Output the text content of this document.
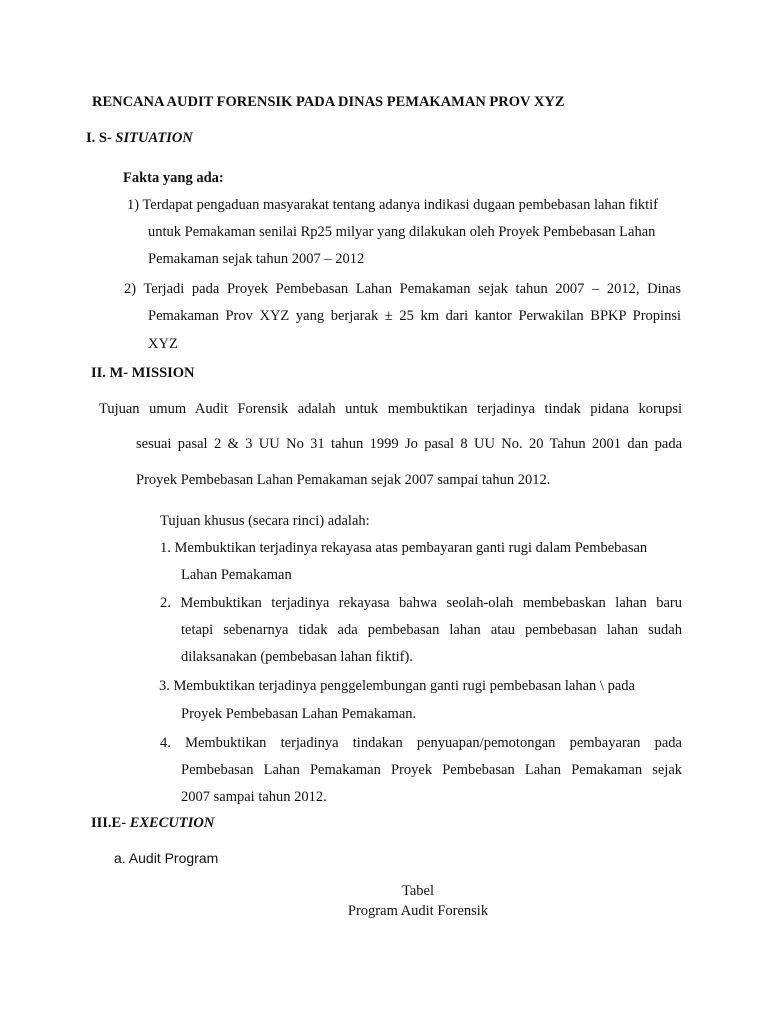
RENCANA AUDIT FORENSIK PADA DINAS PEMAKAMAN PROV XYZ
I. S- SITUATION
Fakta yang ada:
1) Terdapat pengaduan masyarakat tentang adanya indikasi dugaan pembebasan lahan fiktif
untuk Pemakaman senilai Rp25 milyar yang dilakukan oleh Proyek Pembebasan Lahan
Pemakaman sejak tahun 2007 – 2012
2) Terjadi pada Proyek Pembebasan Lahan Pemakaman sejak tahun 2007 – 2012, Dinas
Pemakaman Prov XYZ yang berjarak ± 25 km dari kantor Perwakilan BPKP Propinsi
XYZ
II. M- MISSION
Tujuan umum Audit Forensik adalah untuk membuktikan terjadinya tindak pidana korupsi
sesuai pasal 2 & 3 UU No 31 tahun 1999 Jo pasal 8 UU No. 20 Tahun 2001 dan pada
Proyek Pembebasan Lahan Pemakaman sejak 2007 sampai tahun 2012.
Tujuan khusus (secara rinci) adalah:
1. Membuktikan terjadinya rekayasa atas pembayaran ganti rugi dalam Pembebasan
Lahan Pemakaman
2. Membuktikan terjadinya rekayasa bahwa seolah-olah membebaskan lahan baru
tetapi sebenarnya tidak ada pembebasan lahan atau pembebasan lahan sudah
dilaksanakan (pembebasan lahan fiktif).
3. Membuktikan terjadinya penggelembungan ganti rugi pembebasan lahan \ pada
Proyek Pembebasan Lahan Pemakaman.
4. Membuktikan terjadinya tindakan penyuapan/pemotongan pembayaran pada
Pembebasan Lahan Pemakaman Proyek Pembebasan Lahan Pemakaman sejak
2007 sampai tahun 2012.
III.E- EXECUTION
a. Audit Program
Tabel
Program Audit Forensik
